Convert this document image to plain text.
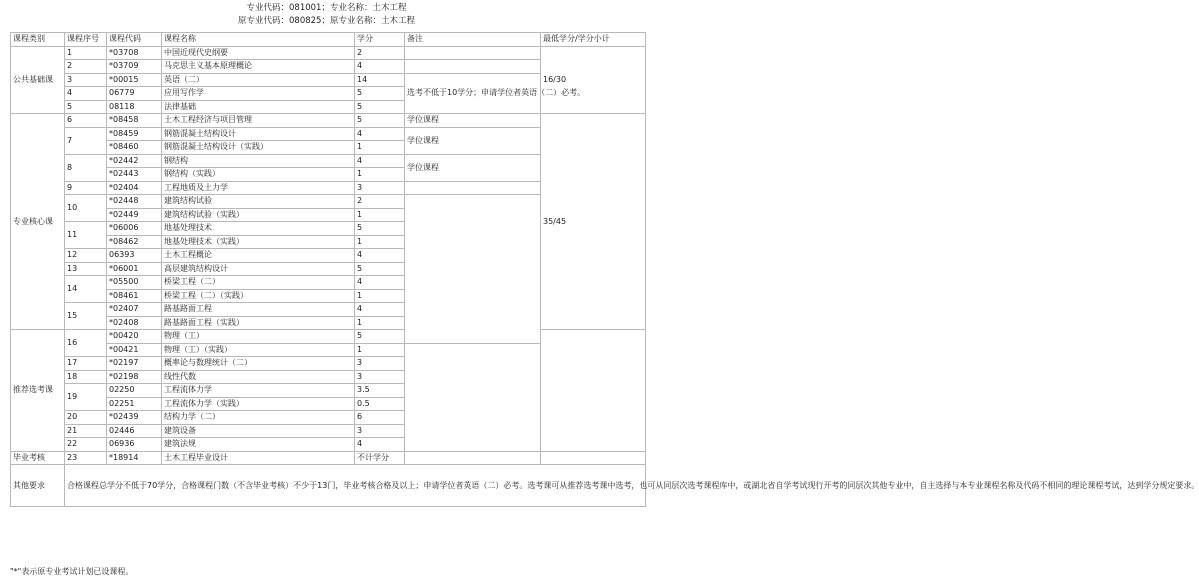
专业代码：081001；专业名称：土木工程
原专业代码：080825；原专业名称：土木工程
课程类别	课程序号	课程代码	课程名称	学分	备注	最低学分/学分小计	
公共基础课	1	*03708	中国近现代史纲要	2		16/30	
	2	*03709	马克思主义基本原理概论	4			
	3	*00015	英语（二）	14	选考不低于10学分；申请学位者英语（二）必考。		
	4	06779	应用写作学	5			
	5	08118	法律基础	5			
专业核心课	6	*08458	土木工程经济与项目管理	5	学位课程	35/45	
	7	*08459	钢筋混凝土结构设计	4	学位课程		
		*08460	钢筋混凝土结构设计（实践）	1			
	8	*02442	钢结构	4	学位课程		
		*02443	钢结构（实践）	1			
	9	*02404	工程地质及土力学	3			
	10	*02448	建筑结构试验	2			
		*02449	建筑结构试验（实践）	1			
	11	*06006	地基处理技术	5			
		*08462	地基处理技术（实践）	1			
	12	06393	土木工程概论	4			
	13	*06001	高层建筑结构设计	5			
	14	*05500	桥梁工程（二）	4			
		*08461	桥梁工程（二）（实践）	1			
	15	*02407	路基路面工程	4			
		*02408	路基路面工程（实践）	1			
推荐选考课	16	*00420	物理（工）	5			
		*00421	物理（工）（实践）	1			
	17	*02197	概率论与数理统计（二）	3			
	18	*02198	线性代数	3			
	19	02250	工程流体力学	3.5			
		02251	工程流体力学（实践）	0.5			
	20	*02439	结构力学（二）	6			
	21	02446	建筑设备	3			
	22	06936	建筑法规	4			
毕业考核	23	*18914	土木工程毕业设计	不计学分			
其他要求	合格课程总学分不低于70学分，合格课程门数（不含毕业考核）不少于13门，毕业考核合格及以上；申请学位者英语（二）必考。选考课可从推荐选考课中选考，也可从同层次选考课程库中，或湖北省自学考试现行开考的同层次其他专业中，自主选择与本专业课程名称及代码不相同的理论课程考试，达到学分规定要求。						
"*"表示原专业考试计划已设课程。
